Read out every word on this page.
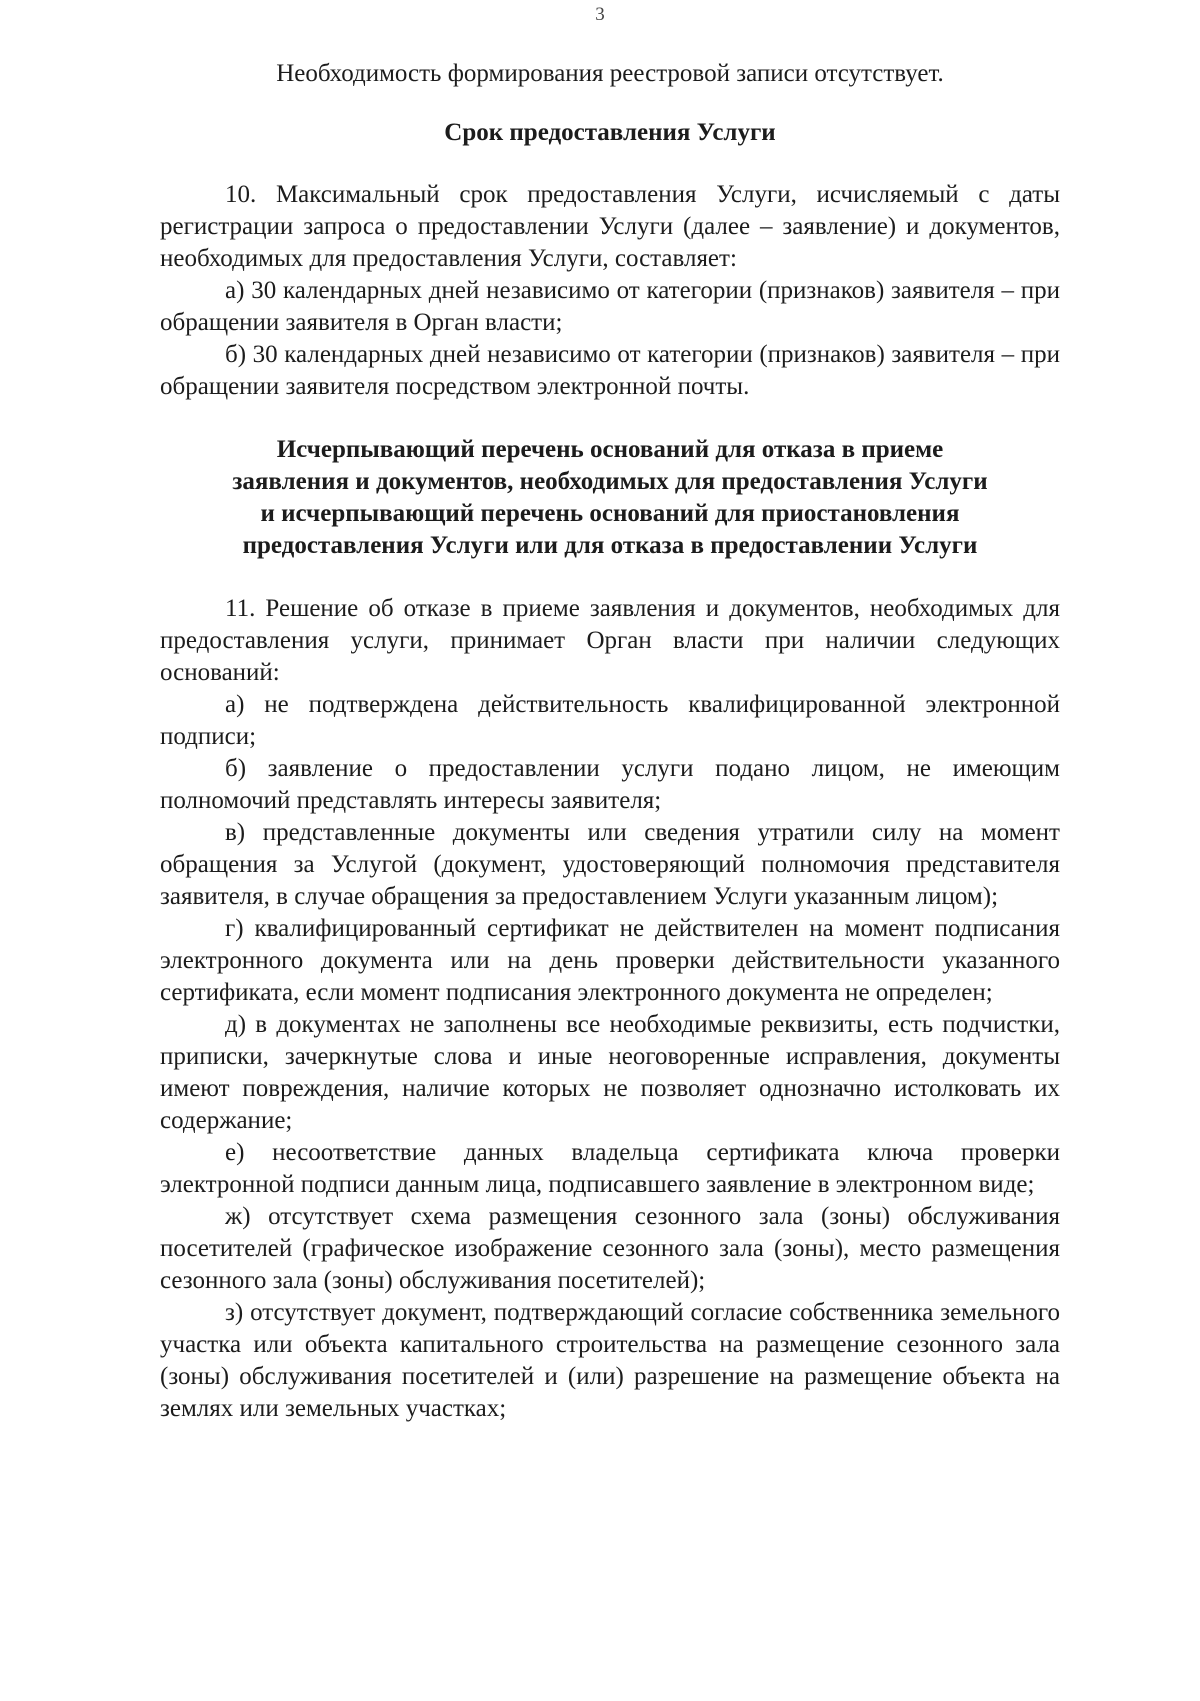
3

Необходимость формирования реестровой записи отсутствует.

Срок предоставления Услуги

10. Максимальный срок предоставления Услуги, исчисляемый с даты регистрации запроса о предоставлении Услуги (далее – заявление) и документов, необходимых для предоставления Услуги, составляет:

а) 30 календарных дней независимо от категории (признаков) заявителя – при обращении заявителя в Орган власти;

б) 30 календарных дней независимо от категории (признаков) заявителя – при обращении заявителя посредством электронной почты.

Исчерпывающий перечень оснований для отказа в приеме
заявления и документов, необходимых для предоставления Услуги
и исчерпывающий перечень оснований для приостановления
предоставления Услуги или для отказа в предоставлении Услуги

11. Решение об отказе в приеме заявления и документов, необходимых для предоставления услуги, принимает Орган власти при наличии следующих оснований:

а) не подтверждена действительность квалифицированной электронной подписи;

б) заявление о предоставлении услуги подано лицом, не имеющим полномочий представлять интересы заявителя;

в) представленные документы или сведения утратили силу на момент обращения за Услугой (документ, удостоверяющий полномочия представителя заявителя, в случае обращения за предоставлением Услуги указанным лицом);

г) квалифицированный сертификат не действителен на момент подписания электронного документа или на день проверки действительности указанного сертификата, если момент подписания электронного документа не определен;

д) в документах не заполнены все необходимые реквизиты, есть подчистки, приписки, зачеркнутые слова и иные неоговоренные исправления, документы имеют повреждения, наличие которых не позволяет однозначно истолковать их содержание;

е) несоответствие данных владельца сертификата ключа проверки электронной подписи данным лица, подписавшего заявление в электронном виде;

ж) отсутствует схема размещения сезонного зала (зоны) обслуживания посетителей (графическое изображение сезонного зала (зоны), место размещения сезонного зала (зоны) обслуживания посетителей);

з) отсутствует документ, подтверждающий согласие собственника земельного участка или объекта капитального строительства на размещение сезонного зала (зоны) обслуживания посетителей и (или) разрешение на размещение объекта на землях или земельных участках;
